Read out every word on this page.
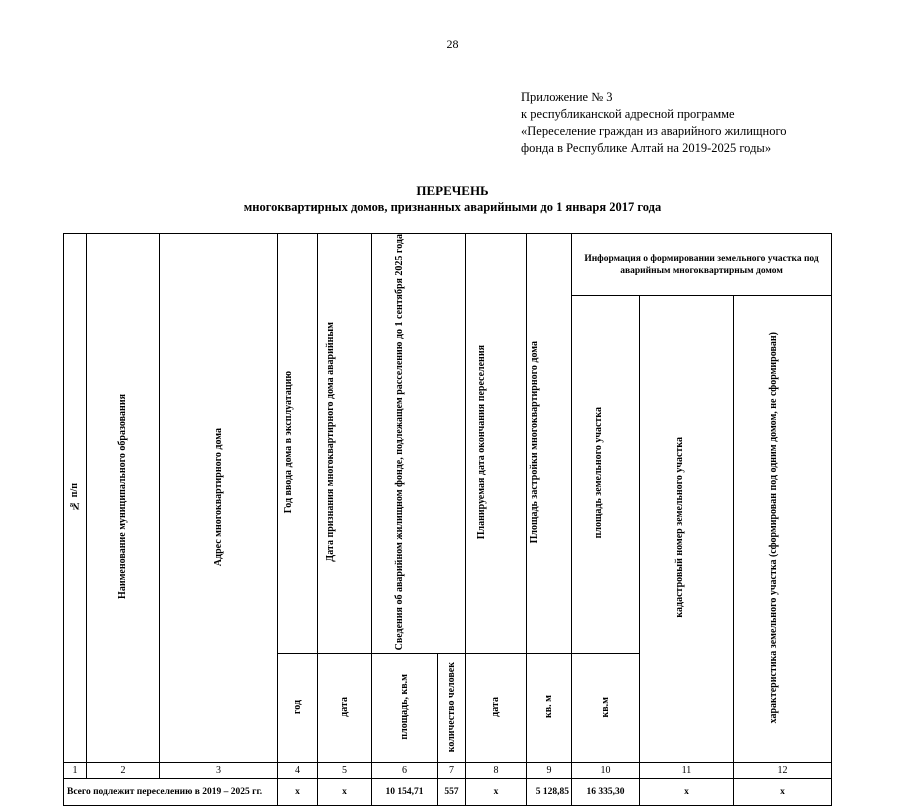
28
Приложение № 3
к республиканской адресной программе
«Переселение граждан из аварийного жилищного
фонда в Республике Алтай на 2019-2025 годы»
ПЕРЕЧЕНЬ
многоквартирных домов, признанных аварийными до 1 января 2017 года
№ п/п	Наименование муниципального образования	Адрес многоквартирного дома	Год ввода дома в эксплуатацию	Дата признания многоквартирного дома аварийным	Сведения об аварийном жилищном фонде, подлежащем расселению до 1 сентября 2025 года		Планируемая дата окончания переселения	Площадь застройки многоквартирного дома	Информация о формировании земельного участка под аварийным многоквартирным домом		
									площадь земельного участка	кадастровый номер земельного участка	характеристика земельного участка (сформирован под одним домом, не сформирован)
			год	дата	площадь, кв.м	количество человек	дата	кв. м	кв.м		
1	2	3	4	5	6	7	8	9	10	11	12
Всего подлежит переселению в 2019 – 2025 гг.			х	х	10 154,71	557	х	5 128,85	16 335,30	х	х
